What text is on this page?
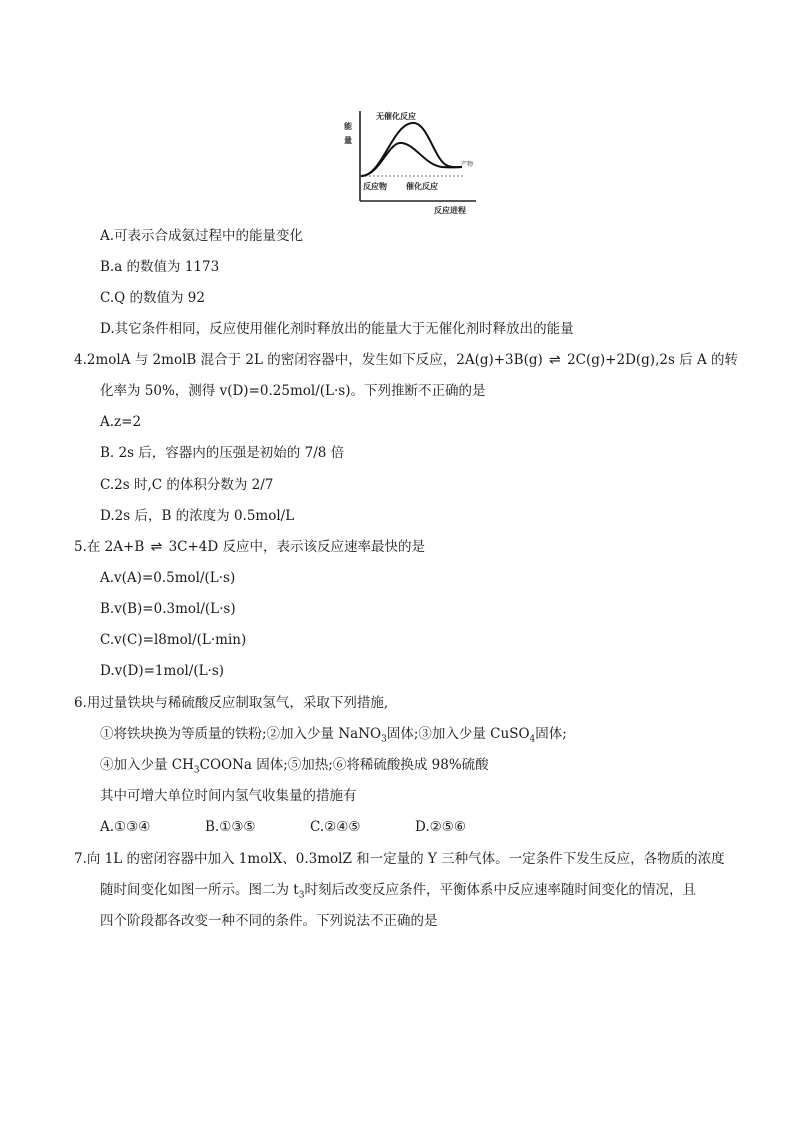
能
量
无催化反应
产物
反应物 催化反应
反应进程
A.可表示合成氨过程中的能量变化
B.a 的数值为 1173
C.Q 的数值为 92
D.其它条件相同，反应使用催化剂时释放出的能量大于无催化剂时释放出的能量
4.2molA 与 2molB 混合于 2L 的密闭容器中，发生如下反应，2A(g)+3B(g) ⇌ 2C(g)+2D(g),2s 后 A 的转
化率为 50%，测得 v(D)=0.25mol/(L·s)。下列推断不正确的是
A.z=2
B. 2s 后，容器内的压强是初始的 7/8 倍
C.2s 时,C 的体积分数为 2/7
D.2s 后，B 的浓度为 0.5mol/L
5.在 2A+B ⇌ 3C+4D 反应中，表示该反应速率最快的是
A.v(A)=0.5mol/(L·s)
B.v(B)=0.3mol/(L·s)
C.v(C)=l8mol/(L·min)
D.v(D)=1mol/(L·s)
6.用过量铁块与稀硫酸反应制取氢气，采取下列措施,
①将铁块换为等质量的铁粉;②加入少量 NaNO$_3$固体;③加入少量 CuSO$_4$固体;
④加入少量 $CH_3COONa$ 固体;⑤加热;⑥将稀硫酸换成 98%硫酸
其中可增大单位时间内氢气收集量的措施有
A.①③④	B.①③⑤	C.②④⑤	D.②⑤⑥
7.向 1L 的密闭容器中加入 1molX、0.3molZ 和一定量的 Y 三种气体。一定条件下发生反应，各物质的浓度
随时间变化如图一所示。图二为 $t_3$时刻后改变反应条件，平衡体系中反应速率随时间变化的情况，且
四个阶段都各改变一种不同的条件。下列说法不正确的是
